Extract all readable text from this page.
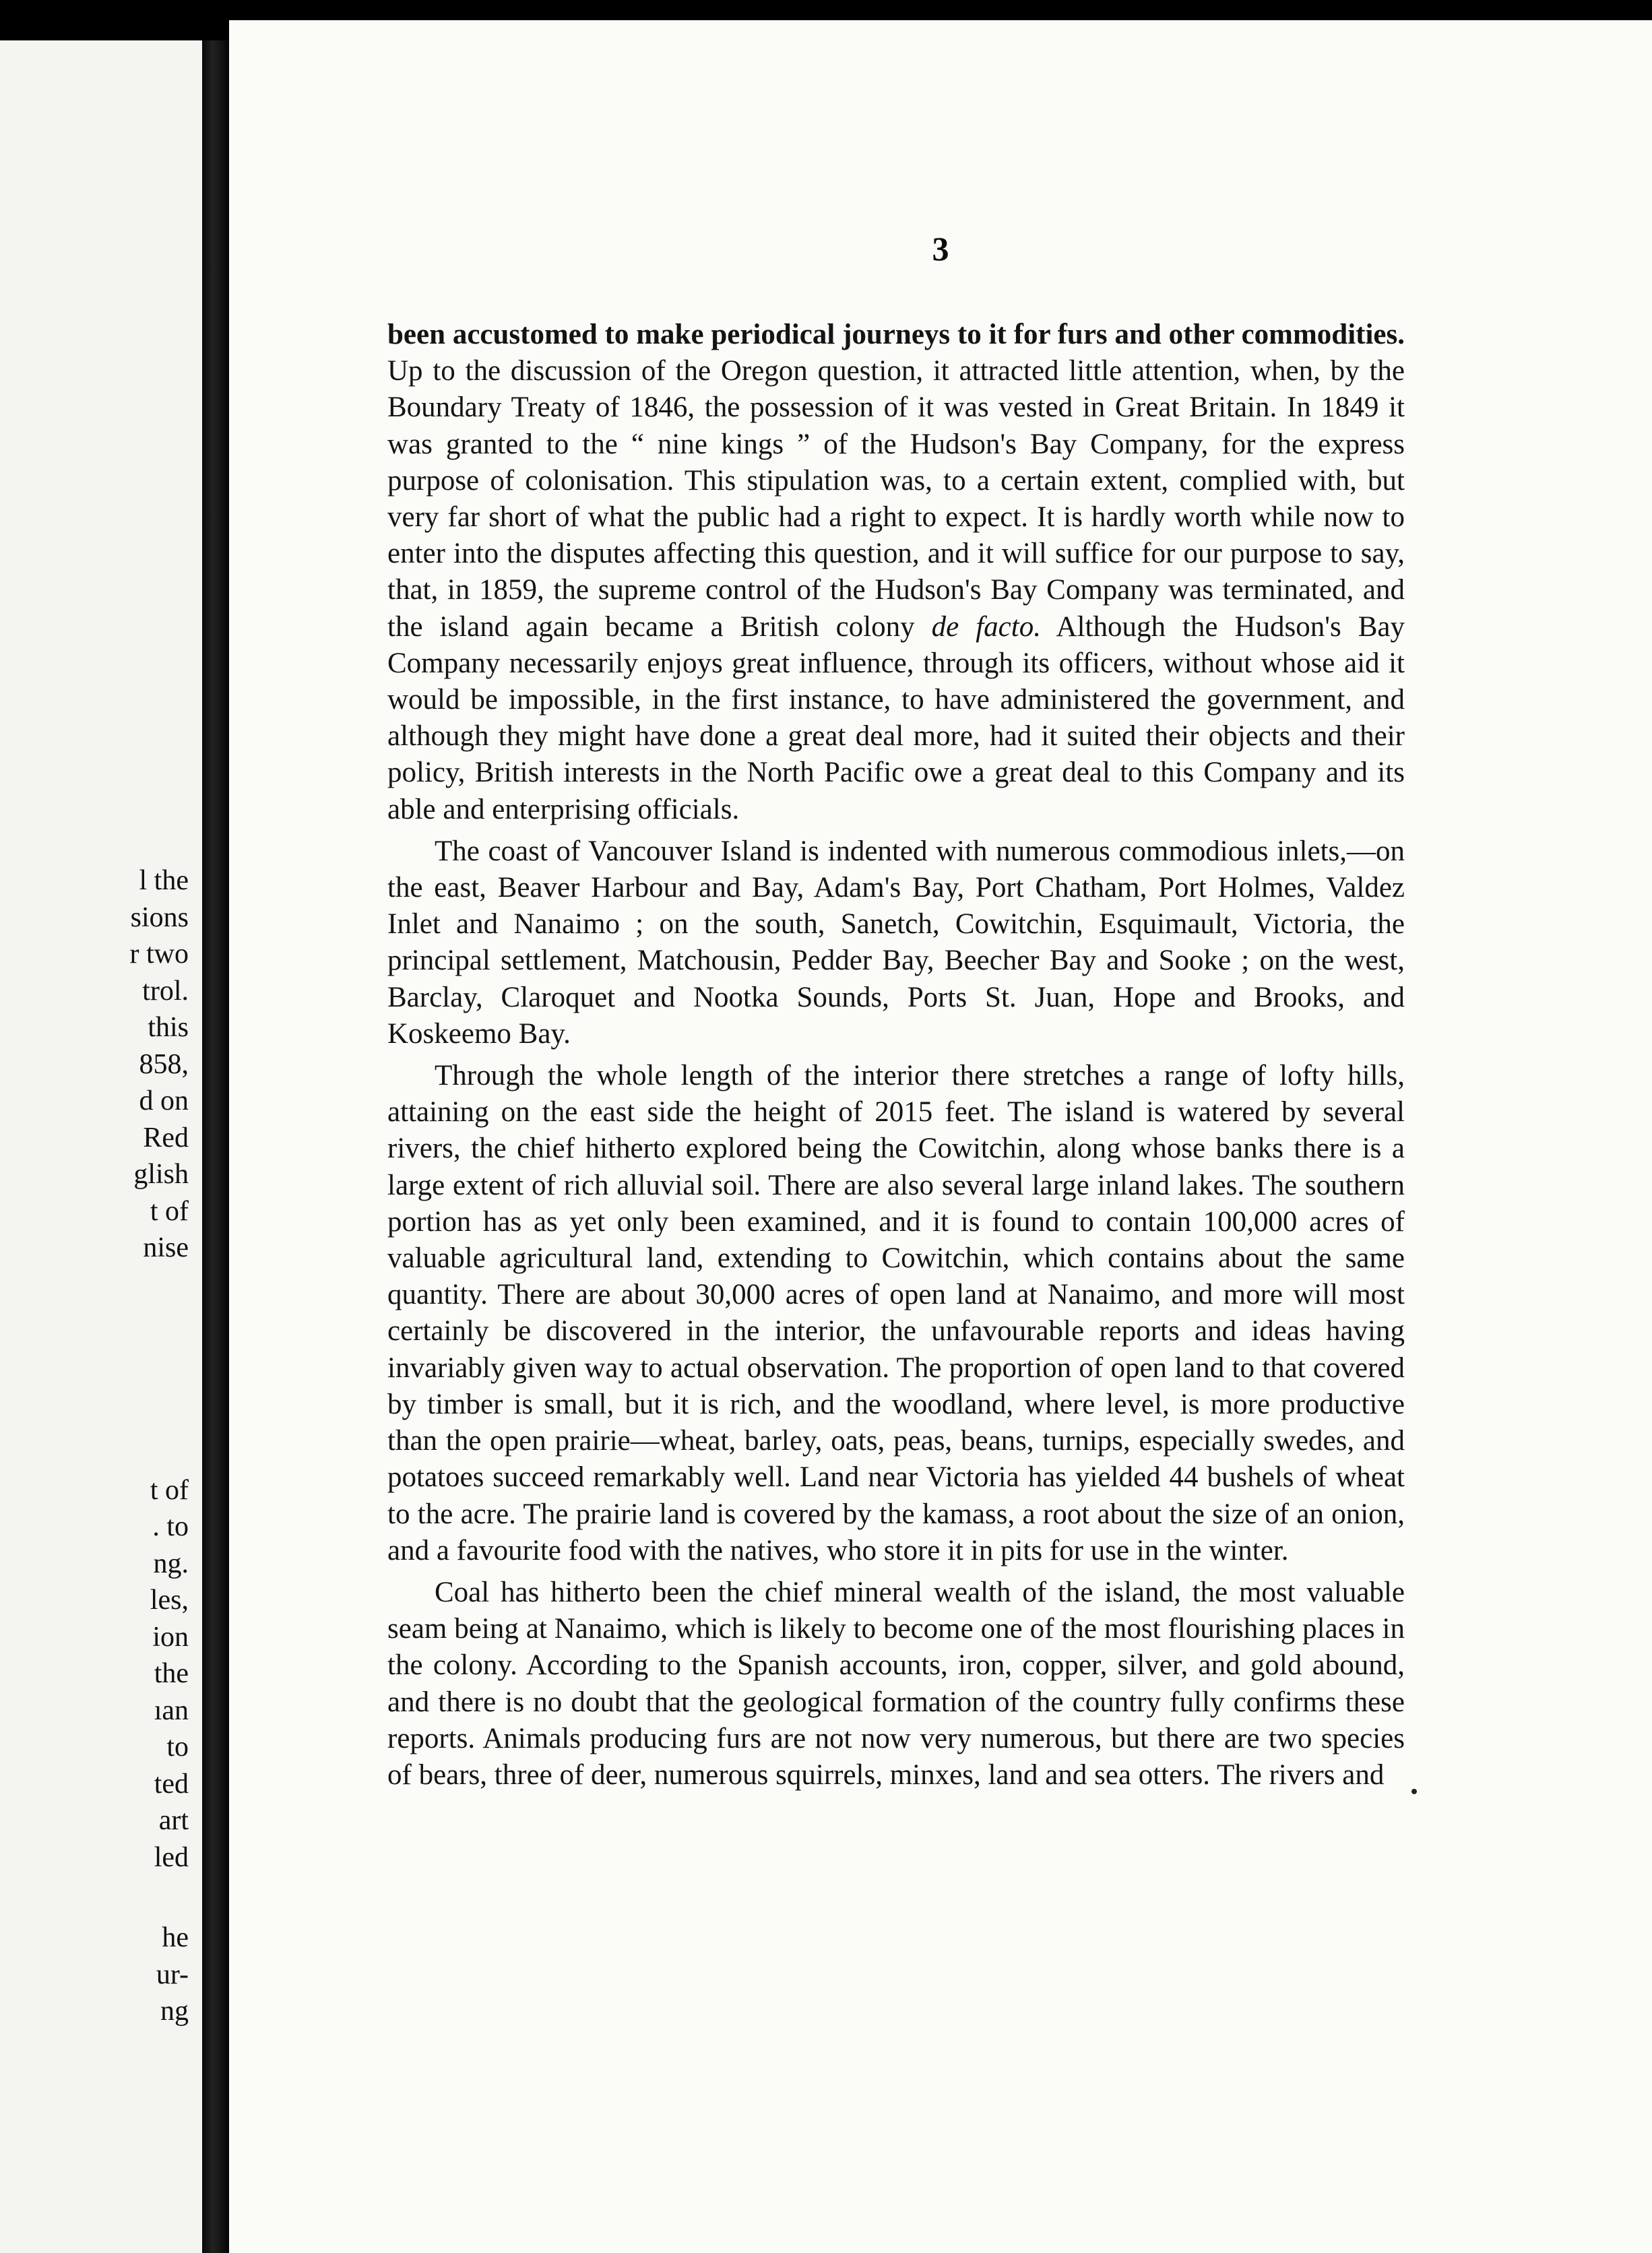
l the
sions
r two
trol.
this
858,
d on
Red
glish
t of
nise
t of
. to
ng.
les,
ion
the
ıan
to
ted
art
led
he
ur-
ng
3

been accustomed to make periodical journeys to it for furs and other commodities. Up to the discussion of the Oregon question, it attracted little attention, when, by the Boundary Treaty of 1846, the possession of it was vested in Great Britain. In 1849 it was granted to the “ nine kings ” of the Hudson's Bay Company, for the express purpose of colonisation. This stipulation was, to a certain extent, complied with, but very far short of what the public had a right to expect. It is hardly worth while now to enter into the disputes affecting this question, and it will suffice for our purpose to say, that, in 1859, the supreme control of the Hudson's Bay Company was terminated, and the island again became a British colony de facto. Although the Hudson's Bay Company necessarily enjoys great influence, through its officers, without whose aid it would be impossible, in the first instance, to have administered the government, and although they might have done a great deal more, had it suited their objects and their policy, British interests in the North Pacific owe a great deal to this Company and its able and enterprising officials.

The coast of Vancouver Island is indented with numerous commodious inlets,—on the east, Beaver Harbour and Bay, Adam's Bay, Port Chatham, Port Holmes, Valdez Inlet and Nanaimo ; on the south, Sanetch, Cowitchin, Esquimault, Victoria, the principal settlement, Matchousin, Pedder Bay, Beecher Bay and Sooke ; on the west, Barclay, Claroquet and Nootka Sounds, Ports St. Juan, Hope and Brooks, and Koskeemo Bay.

Through the whole length of the interior there stretches a range of lofty hills, attaining on the east side the height of 2015 feet. The island is watered by several rivers, the chief hitherto explored being the Cowitchin, along whose banks there is a large extent of rich alluvial soil. There are also several large inland lakes. The southern portion has as yet only been examined, and it is found to contain 100,000 acres of valuable agricultural land, extending to Cowitchin, which contains about the same quantity. There are about 30,000 acres of open land at Nanaimo, and more will most certainly be discovered in the interior, the unfavourable reports and ideas having invariably given way to actual observation. The proportion of open land to that covered by timber is small, but it is rich, and the woodland, where level, is more productive than the open prairie—wheat, barley, oats, peas, beans, turnips, especially swedes, and potatoes succeed remarkably well. Land near Victoria has yielded 44 bushels of wheat to the acre. The prairie land is covered by the kamass, a root about the size of an onion, and a favourite food with the natives, who store it in pits for use in the winter.

Coal has hitherto been the chief mineral wealth of the island, the most valuable seam being at Nanaimo, which is likely to become one of the most flourishing places in the colony. According to the Spanish accounts, iron, copper, silver, and gold abound, and there is no doubt that the geological formation of the country fully confirms these reports. Animals producing furs are not now very numerous, but there are two species of bears, three of deer, numerous squirrels, minxes, land and sea otters. The rivers and
